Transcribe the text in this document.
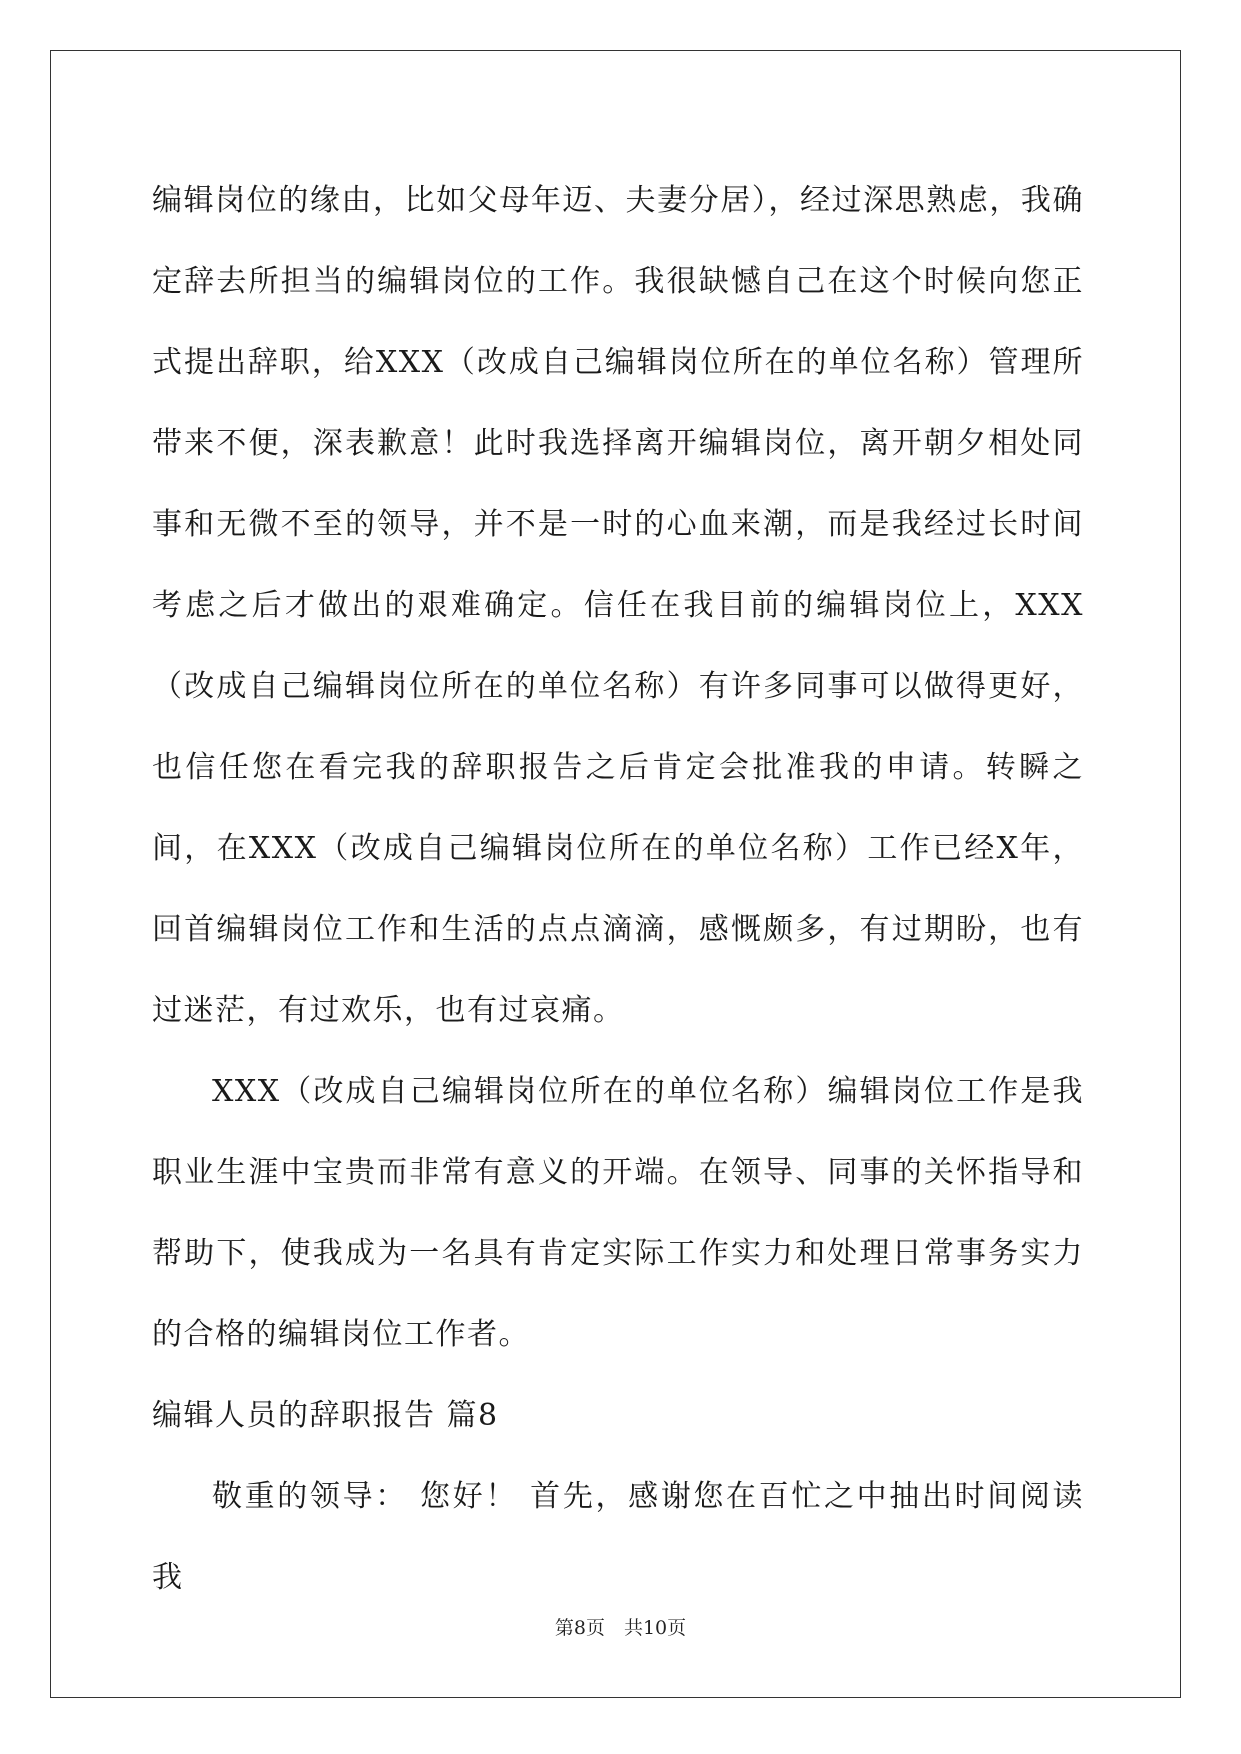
编辑岗位的缘由，比如父母年迈、夫妻分居），经过深思熟虑，我确定辞去所担当的编辑岗位的工作。我很缺憾自己在这个时候向您正式提出辞职，给XXX（改成自己编辑岗位所在的单位名称）管理所带来不便，深表歉意！此时我选择离开编辑岗位，离开朝夕相处同事和无微不至的领导，并不是一时的心血来潮，而是我经过长时间考虑之后才做出的艰难确定。信任在我目前的编辑岗位上，XXX（改成自己编辑岗位所在的单位名称）有许多同事可以做得更好，也信任您在看完我的辞职报告之后肯定会批准我的申请。转瞬之间，在XXX（改成自己编辑岗位所在的单位名称）工作已经X年，回首编辑岗位工作和生活的点点滴滴，感慨颇多，有过期盼，也有过迷茫，有过欢乐，也有过哀痛。

XXX（改成自己编辑岗位所在的单位名称）编辑岗位工作是我职业生涯中宝贵而非常有意义的开端。在领导、同事的关怀指导和帮助下，使我成为一名具有肯定实际工作实力和处理日常事务实力的合格的编辑岗位工作者。

编辑人员的辞职报告 篇8

敬重的领导： 您好！ 首先，感谢您在百忙之中抽出时间阅读我

第8页　共10页
